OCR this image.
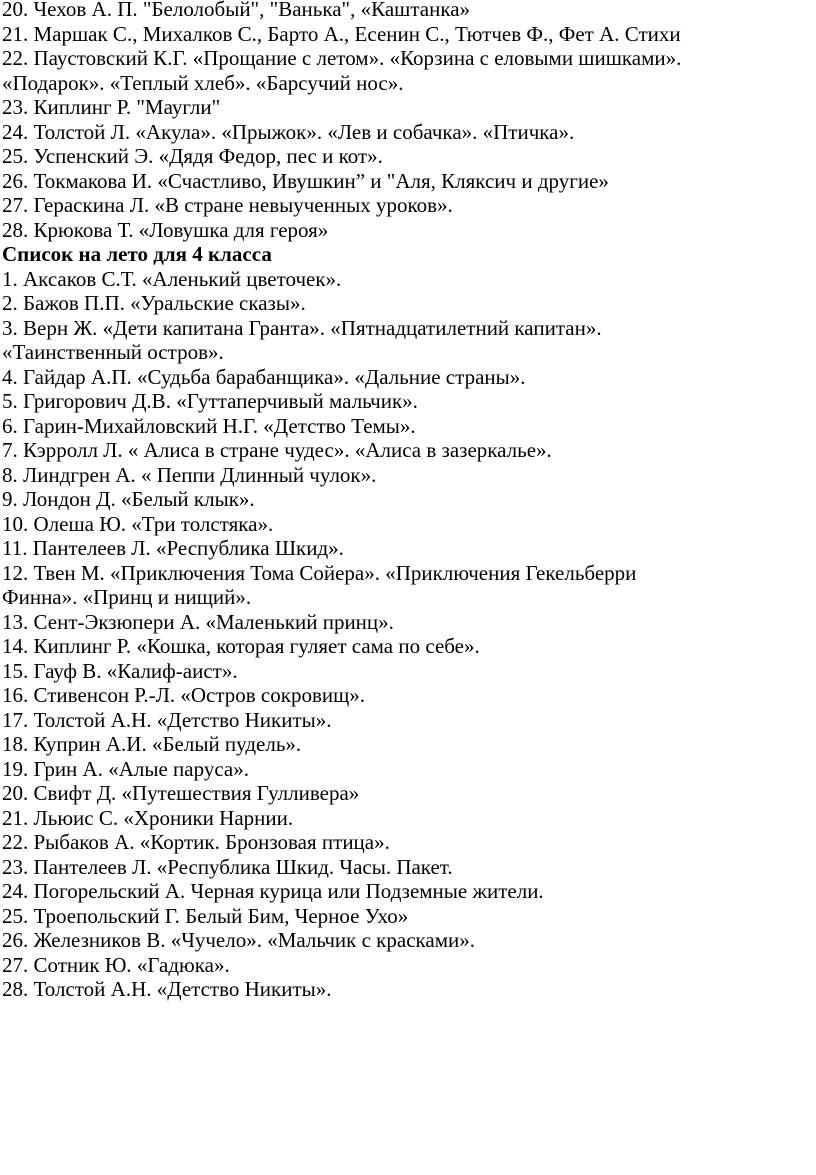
20. Чехов А. П. "Белолобый", "Ванька", «Каштанка»
21. Маршак С., Михалков С., Барто А., Есенин С., Тютчев Ф., Фет А. Стихи
22. Паустовский К.Г. «Прощание с летом». «Корзина с еловыми шишками».
«Подарок». «Теплый хлеб». «Барсучий нос».
23. Киплинг Р. "Маугли"
24. Толстой Л. «Акула». «Прыжок». «Лев и собачка». «Птичка».
25. Успенский Э. «Дядя Федор, пес и кот».
26. Токмакова И. «Счастливо, Ивушкин” и "Аля, Кляксич и другие»
27. Гераскина Л. «В стране невыученных уроков».
28. Крюкова Т. «Ловушка для героя»
Список на лето для 4 класса
1. Аксаков С.Т. «Аленький цветочек».
2. Бажов П.П. «Уральские сказы».
3. Верн Ж. «Дети капитана Гранта». «Пятнадцатилетний капитан».
«Таинственный остров».
4. Гайдар А.П. «Судьба барабанщика». «Дальние страны».
5. Григорович Д.В. «Гуттаперчивый мальчик».
6. Гарин-Михайловский Н.Г. «Детство Темы».
7. Кэрролл Л. « Алиса в стране чудес». «Алиса в зазеркалье».
8. Линдгрен А. « Пеппи Длинный чулок».
9. Лондон Д. «Белый клык».
10. Олеша Ю. «Три толстяка».
11. Пантелеев Л. «Республика Шкид».
12. Твен М. «Приключения Тома Сойера». «Приключения Гекельберри
Финна». «Принц и нищий».
13. Сент-Экзюпери А. «Маленький принц».
14. Киплинг Р. «Кошка, которая гуляет сама по себе».
15. Гауф В. «Калиф-аист».
16. Стивенсон Р.-Л. «Остров сокровищ».
17. Толстой А.Н. «Детство Никиты».
18. Куприн А.И. «Белый пудель».
19. Грин А. «Алые паруса».
20. Свифт Д. «Путешествия Гулливера»
21. Льюис С. «Хроники Нарнии.
22. Рыбаков А. «Кортик. Бронзовая птица».
23. Пантелеев Л. «Республика Шкид. Часы. Пакет.
24. Погорельский А. Черная курица или Подземные жители.
25. Троепольский Г. Белый Бим, Черное Ухо»
26. Железников В. «Чучело». «Мальчик с красками».
27. Сотник Ю. «Гадюка».
28. Толстой А.Н. «Детство Никиты».
